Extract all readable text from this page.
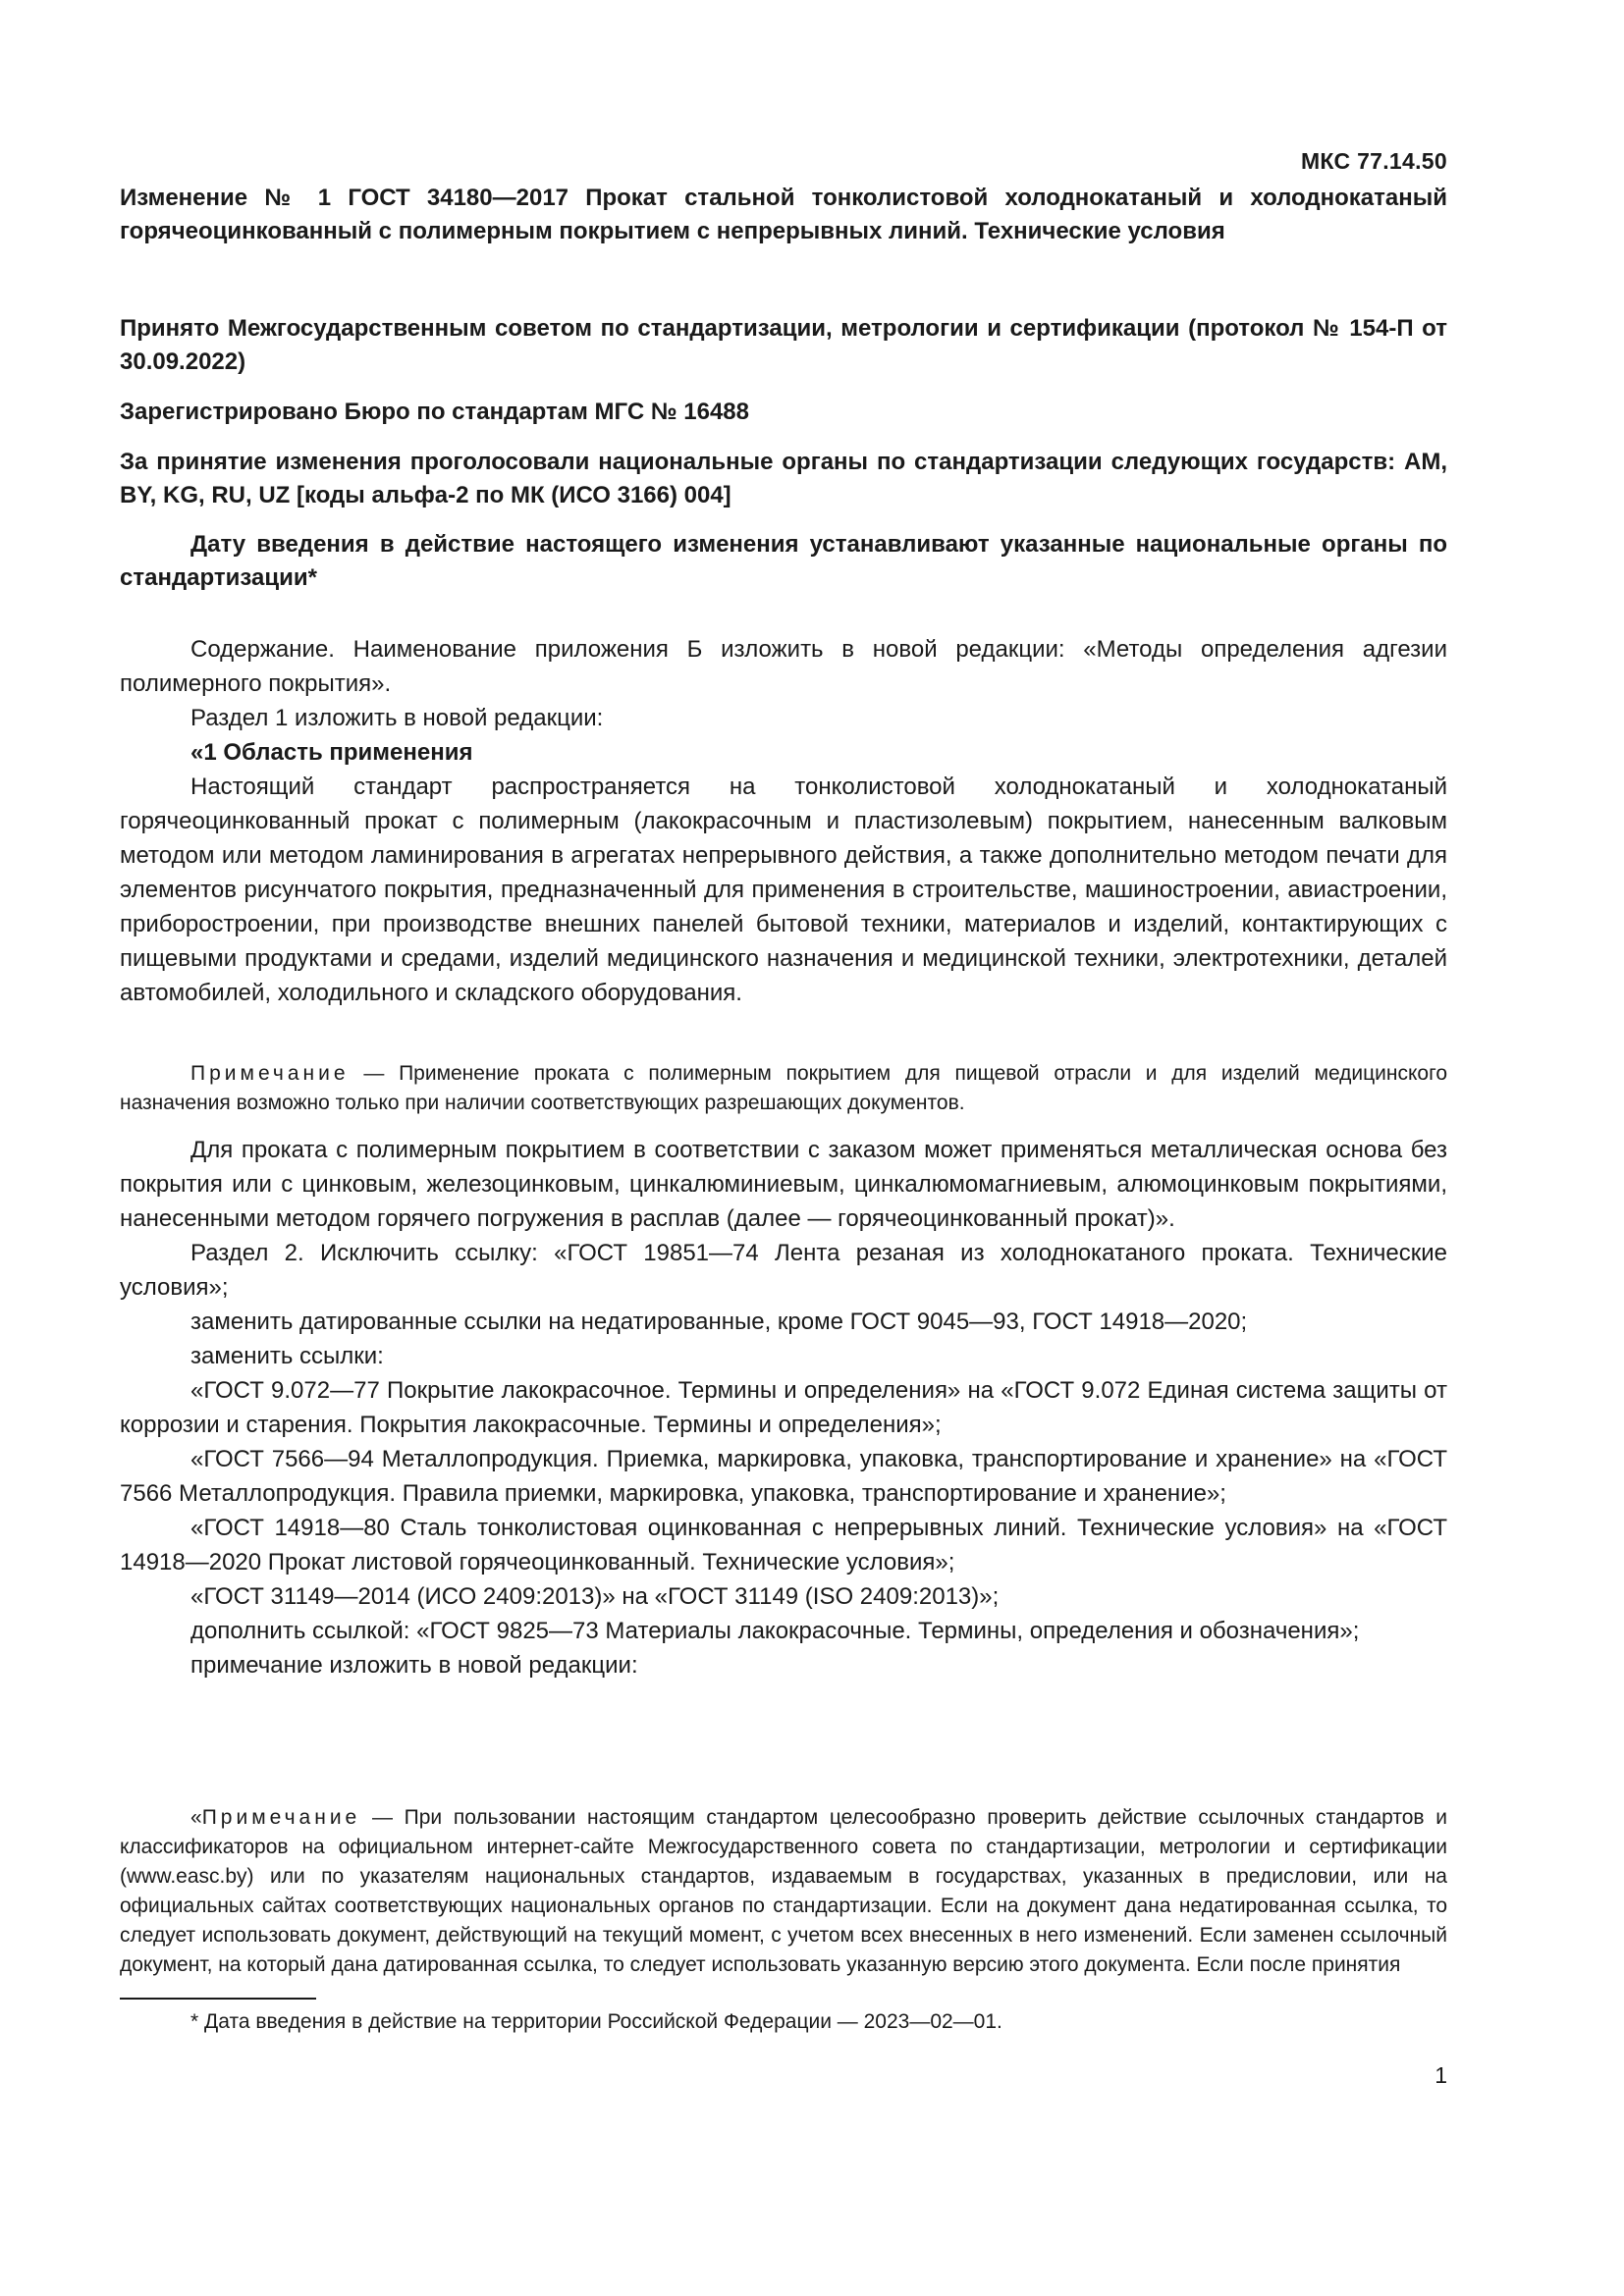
МКС 77.14.50
Изменение № 1 ГОСТ 34180—2017 Прокат стальной тонколистовой холоднокатаный и холоднокатаный горячеоцинкованный с полимерным покрытием с непрерывных линий. Технические условия
Принято Межгосударственным советом по стандартизации, метрологии и сертификации (протокол № 154-П от 30.09.2022)
Зарегистрировано Бюро по стандартам МГС № 16488
За принятие изменения проголосовали национальные органы по стандартизации следующих государств: AM, BY, KG, RU, UZ [коды альфа-2 по МК (ИСО 3166) 004]
Дату введения в действие настоящего изменения устанавливают указанные национальные органы по стандартизации*

Содержание. Наименование приложения Б изложить в новой редакции: «Методы определения адгезии полимерного покрытия».

Раздел 1 изложить в новой редакции:

«1 Область применения

Настоящий стандарт распространяется на тонколистовой холоднокатаный и холоднокатаный горячеоцинкованный прокат с полимерным (лакокрасочным и пластизолевым) покрытием, нанесенным валковым методом или методом ламинирования в агрегатах непрерывного действия, а также дополнительно методом печати для элементов рисунчатого покрытия, предназначенный для применения в строительстве, машиностроении, авиастроении, приборостроении, при производстве внешних панелей бытовой техники, материалов и изделий, контактирующих с пищевыми продуктами и средами, изделий медицинского назначения и медицинской техники, электротехники, деталей автомобилей, холодильного и складского оборудования.

Примечание — Применение проката с полимерным покрытием для пищевой отрасли и для изделий медицинского назначения возможно только при наличии соответствующих разрешающих документов.

Для проката с полимерным покрытием в соответствии с заказом может применяться металлическая основа без покрытия или с цинковым, железоцинковым, цинкалюминиевым, цинкалюмомагниевым, алюмоцинковым покрытиями, нанесенными методом горячего погружения в расплав (далее — горячеоцинкованный прокат)».

Раздел 2. Исключить ссылку: «ГОСТ 19851—74 Лента резаная из холоднокатаного проката. Технические условия»;

заменить датированные ссылки на недатированные, кроме ГОСТ 9045—93, ГОСТ 14918—2020;

заменить ссылки:

«ГОСТ 9.072—77 Покрытие лакокрасочное. Термины и определения» на «ГОСТ 9.072 Единая система защиты от коррозии и старения. Покрытия лакокрасочные. Термины и определения»;

«ГОСТ 7566—94 Металлопродукция. Приемка, маркировка, упаковка, транспортирование и хранение» на «ГОСТ 7566 Металлопродукция. Правила приемки, маркировка, упаковка, транспортирование и хранение»;

«ГОСТ 14918—80 Сталь тонколистовая оцинкованная с непрерывных линий. Технические условия» на «ГОСТ 14918—2020 Прокат листовой горячеоцинкованный. Технические условия»;

«ГОСТ 31149—2014 (ИСО 2409:2013)» на «ГОСТ 31149 (ISO 2409:2013)»;

дополнить ссылкой: «ГОСТ 9825—73 Материалы лакокрасочные. Термины, определения и обозначения»;

примечание изложить в новой редакции:

«Примечание — При пользовании настоящим стандартом целесообразно проверить действие ссылочных стандартов и классификаторов на официальном интернет-сайте Межгосударственного совета по стандартизации, метрологии и сертификации (www.easc.by) или по указателям национальных стандартов, издаваемым в государствах, указанных в предисловии, или на официальных сайтах соответствующих национальных органов по стандартизации. Если на документ дана недатированная ссылка, то следует использовать документ, действующий на текущий момент, с учетом всех внесенных в него изменений. Если заменен ссылочный документ, на который дана датированная ссылка, то следует использовать указанную версию этого документа. Если после принятия
* Дата введения в действие на территории Российской Федерации — 2023—02—01.
1
